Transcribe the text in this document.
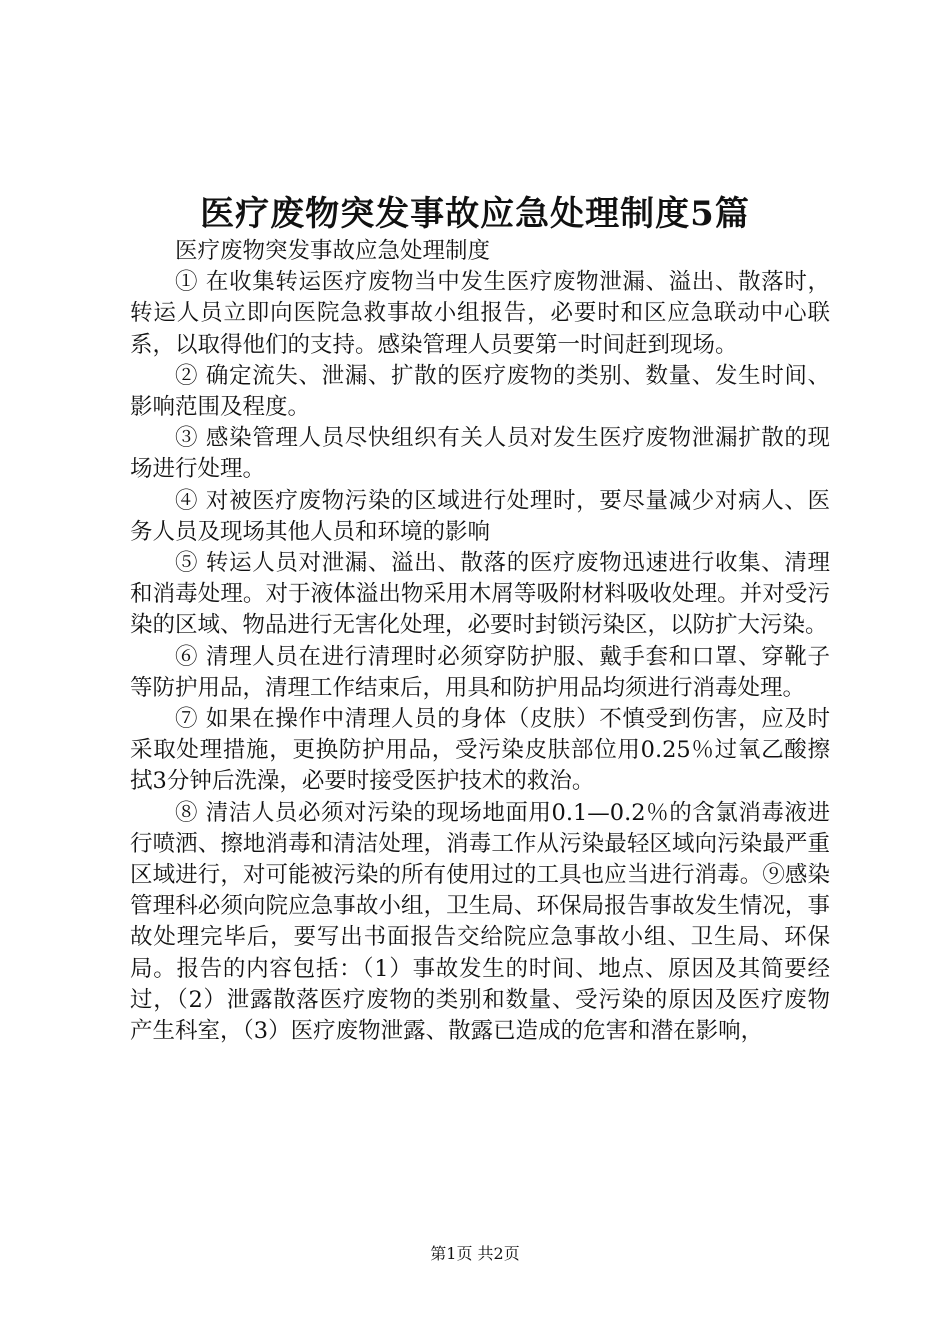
医疗废物突发事故应急处理制度5篇

医疗废物突发事故应急处理制度

① 在收集转运医疗废物当中发生医疗废物泄漏、溢出、散落时，转运人员立即向医院急救事故小组报告，必要时和区应急联动中心联系，以取得他们的支持。感染管理人员要第一时间赶到现场。

② 确定流失、泄漏、扩散的医疗废物的类别、数量、发生时间、影响范围及程度。

③ 感染管理人员尽快组织有关人员对发生医疗废物泄漏扩散的现场进行处理。

④ 对被医疗废物污染的区域进行处理时，要尽量减少对病人、医务人员及现场其他人员和环境的影响

⑤ 转运人员对泄漏、溢出、散落的医疗废物迅速进行收集、清理和消毒处理。对于液体溢出物采用木屑等吸附材料吸收处理。并对受污染的区域、物品进行无害化处理，必要时封锁污染区，以防扩大污染。

⑥ 清理人员在进行清理时必须穿防护服、戴手套和口罩、穿靴子等防护用品，清理工作结束后，用具和防护用品均须进行消毒处理。

⑦ 如果在操作中清理人员的身体（皮肤）不慎受到伤害，应及时采取处理措施，更换防护用品，受污染皮肤部位用0.25％过氧乙酸擦拭3分钟后洗澡，必要时接受医护技术的救治。

⑧ 清洁人员必须对污染的现场地面用0.1—0.2％的含氯消毒液进行喷洒、擦地消毒和清洁处理，消毒工作从污染最轻区域向污染最严重区域进行，对可能被污染的所有使用过的工具也应当进行消毒。⑨感染管理科必须向院应急事故小组，卫生局、环保局报告事故发生情况，事故处理完毕后，要写出书面报告交给院应急事故小组、卫生局、环保局。报告的内容包括：（1）事故发生的时间、地点、原因及其简要经过，（2）泄露散落医疗废物的类别和数量、受污染的原因及医疗废物产生科室，（3）医疗废物泄露、散露已造成的危害和潜在影响，

第1页 共2页
